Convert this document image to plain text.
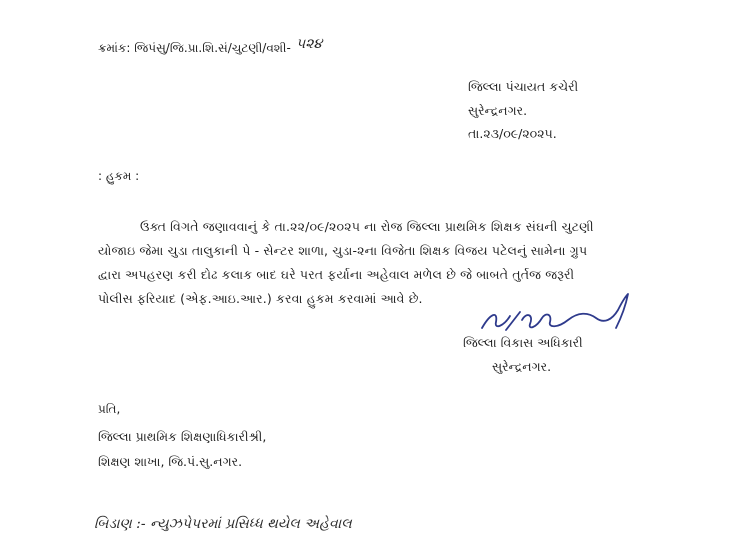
ક્રમાંક: જિપંસુ/જિ.પ્રા.શિ.સં/ચુટણી/વશી- ૫૨૪
જિલ્લા પંચાયત કચેરી
સુરેન્દ્રનગર.
તા.૨૩/૦૯/૨૦૨૫.
: હુકમ :
ઉક્ત વિગતે જણાવવાનું કે તા.૨૨/૦૯/૨૦૨૫ ના રોજ જિલ્લા પ્રાથમિક શિક્ષક સંઘની ચુટણી
યોજાઇ જેમા ચુડા તાલુકાની પે - સેન્ટર શાળા, ચુડા-૨ના વિજેતા શિક્ષક વિજય પટેલનું સામેના ગ્રુપ
દ્વારા અપહરણ કરી દોઢ કલાક બાદ ઘરે પરત ફર્યાના અહેવાલ મળેલ છે જે બાબતે તુર્તજ જરૂરી
પોલીસ ફરિયાદ (એફ.આઇ.આર.) કરવા હુકમ કરવામાં આવે છે.
જિલ્લા વિકાસ અધિકારી
સુરેન્દ્રનગર.
પ્રતિ,
જિલ્લા પ્રાથમિક શિક્ષણાધિકારીશ્રી,
શિક્ષણ શાખા, જિ.પં.સુ.નગર.
બિડાણ :- ન્યુઝપેપરમાં પ્રસિધ્ધ થયેલ અહેવાલ
